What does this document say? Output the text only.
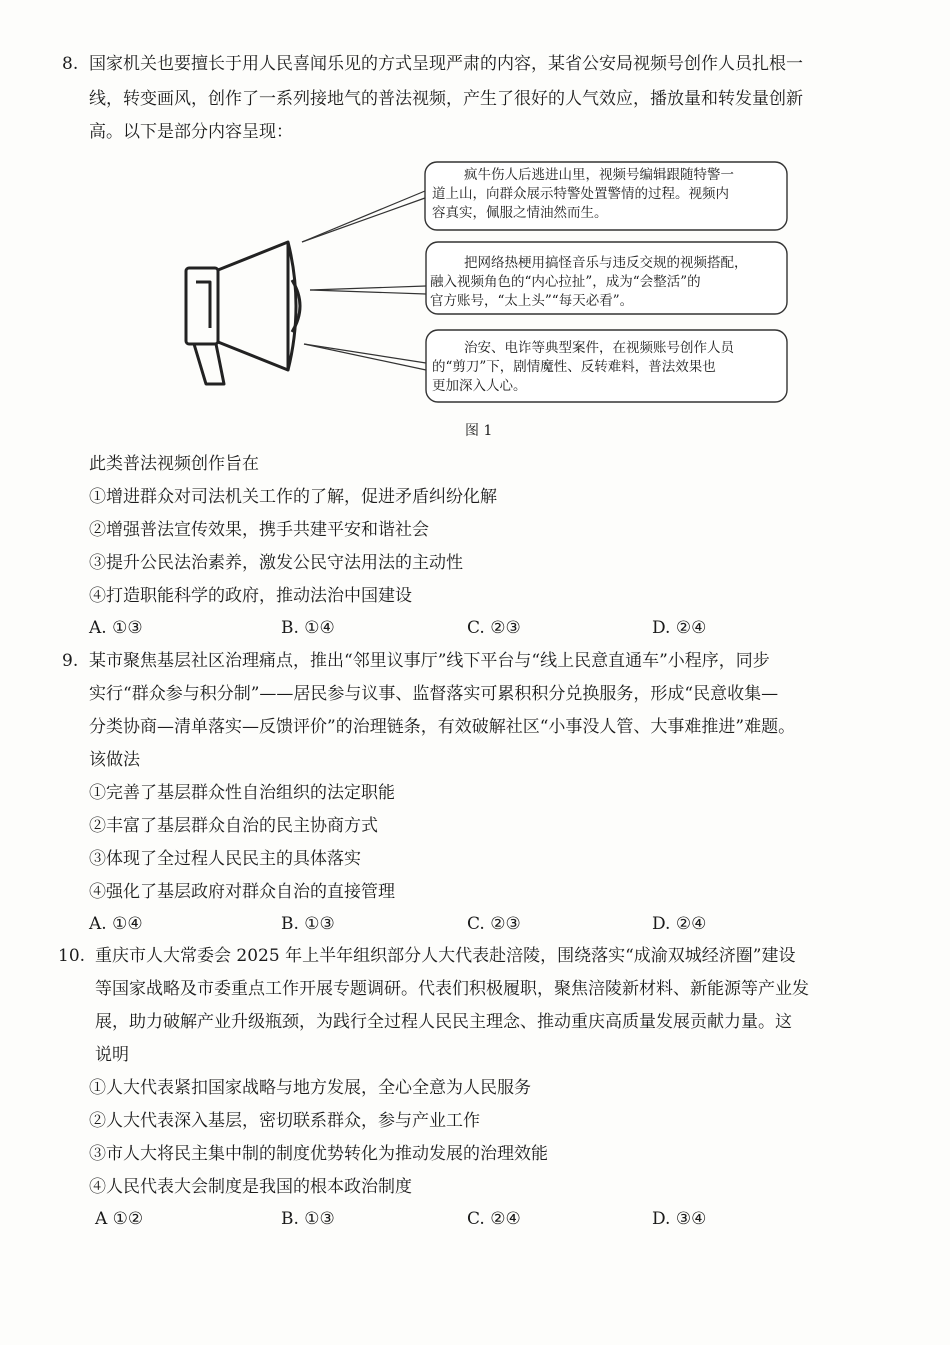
8. 国家机关也要擅长于用人民喜闻乐见的方式呈现严肃的内容，某省公安局视频号创作人员扎根一
线，转变画风，创作了一系列接地气的普法视频，产生了很好的人气效应，播放量和转发量创新
高。以下是部分内容呈现：
疯牛伤人后逃进山里，视频号编辑跟随特警一
道上山，向群众展示特警处置警情的过程。视频内
容真实，佩服之情油然而生。
把网络热梗用搞怪音乐与违反交规的视频搭配，
融入视频角色的“内心拉扯”，成为“会整活”的
官方账号，“太上头”“每天必看”。
治安、电诈等典型案件，在视频账号创作人员
的“剪刀”下，剧情魔性、反转难料，普法效果也
更加深入人心。
图 1
此类普法视频创作旨在
①增进群众对司法机关工作的了解，促进矛盾纠纷化解
②增强普法宣传效果，携手共建平安和谐社会
③提升公民法治素养，激发公民守法用法的主动性
④打造职能科学的政府，推动法治中国建设
A. ①③	B. ①④	C. ②③	D. ②④
9. 某市聚焦基层社区治理痛点，推出“邻里议事厅”线下平台与“线上民意直通车”小程序，同步
实行“群众参与积分制”——居民参与议事、监督落实可累积积分兑换服务，形成“民意收集—
分类协商—清单落实—反馈评价”的治理链条，有效破解社区“小事没人管、大事难推进”难题。
该做法
①完善了基层群众性自治组织的法定职能
②丰富了基层群众自治的民主协商方式
③体现了全过程人民民主的具体落实
④强化了基层政府对群众自治的直接管理
A. ①④	B. ①③	C. ②③	D. ②④
10. 重庆市人大常委会 2025 年上半年组织部分人大代表赴涪陵，围绕落实“成渝双城经济圈”建设
等国家战略及市委重点工作开展专题调研。代表们积极履职，聚焦涪陵新材料、新能源等产业发
展，助力破解产业升级瓶颈，为践行全过程人民民主理念、推动重庆高质量发展贡献力量。这
说明
①人大代表紧扣国家战略与地方发展，全心全意为人民服务
②人大代表深入基层，密切联系群众，参与产业工作
③市人大将民主集中制的制度优势转化为推动发展的治理效能
④人民代表大会制度是我国的根本政治制度
A ①②	B. ①③	C. ②④	D. ③④
